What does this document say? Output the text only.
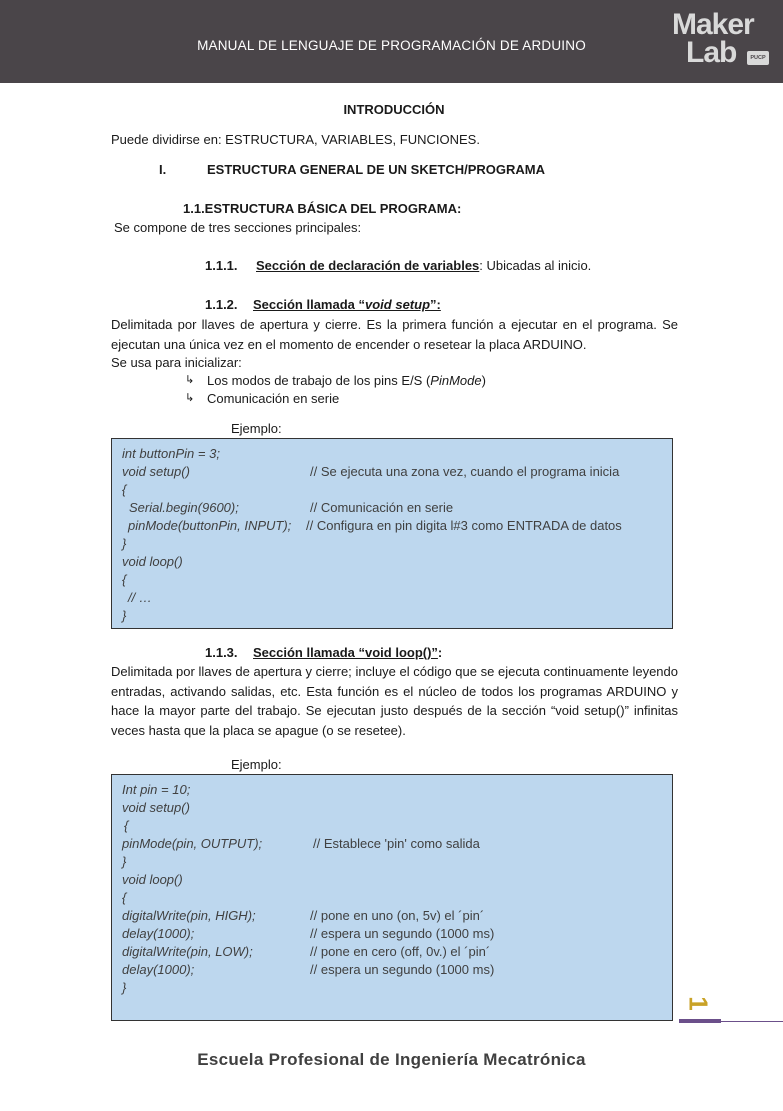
MANUAL DE LENGUAJE DE PROGRAMACIÓN DE ARDUINO
Maker
Lab	PUCP
INTRODUCCIÓN
Puede dividirse en: ESTRUCTURA, VARIABLES, FUNCIONES.
I.	ESTRUCTURA GENERAL DE UN SKETCH/PROGRAMA
1.1.ESTRUCTURA BÁSICA DEL PROGRAMA:
Se compone de tres secciones principales:
1.1.1. Sección de declaración de variables: Ubicadas al inicio.
1.1.2. Sección llamada “void setup”:
Delimitada por llaves de apertura y cierre. Es la primera función a ejecutar en el programa. Se ejecutan una única vez en el momento de encender o resetear la placa ARDUINO.
Se usa para inicializar:
↳ Los modos de trabajo de los pins E/S (PinMode)
↳ Comunicación en serie
Ejemplo:
int buttonPin = 3;
void setup()	// Se ejecuta una zona vez, cuando el programa inicia
{
Serial.begin(9600);	// Comunicación en serie
pinMode(buttonPin, INPUT); // Configura en pin digita l#3 como ENTRADA de datos
}
void loop()
{
// …
}
1.1.3. Sección llamada “void loop()”:
Delimitada por llaves de apertura y cierre; incluye el código que se ejecuta continuamente leyendo entradas, activando salidas, etc. Esta función es el núcleo de todos los programas ARDUINO y hace la mayor parte del trabajo. Se ejecutan justo después de la sección “void setup()” infinitas veces hasta que la placa se apague (o se resetee).
Ejemplo:
Int pin = 10;
void setup()
{
pinMode(pin, OUTPUT);	// Establece 'pin' como salida
}
void loop()
{
digitalWrite(pin, HIGH);	// pone en uno (on, 5v) el ´pin´
delay(1000);	// espera un segundo (1000 ms)
digitalWrite(pin, LOW);	// pone en cero (off, 0v.) el ´pin´
delay(1000);	// espera un segundo (1000 ms)
}
1
Escuela Profesional de Ingeniería Mecatrónica
